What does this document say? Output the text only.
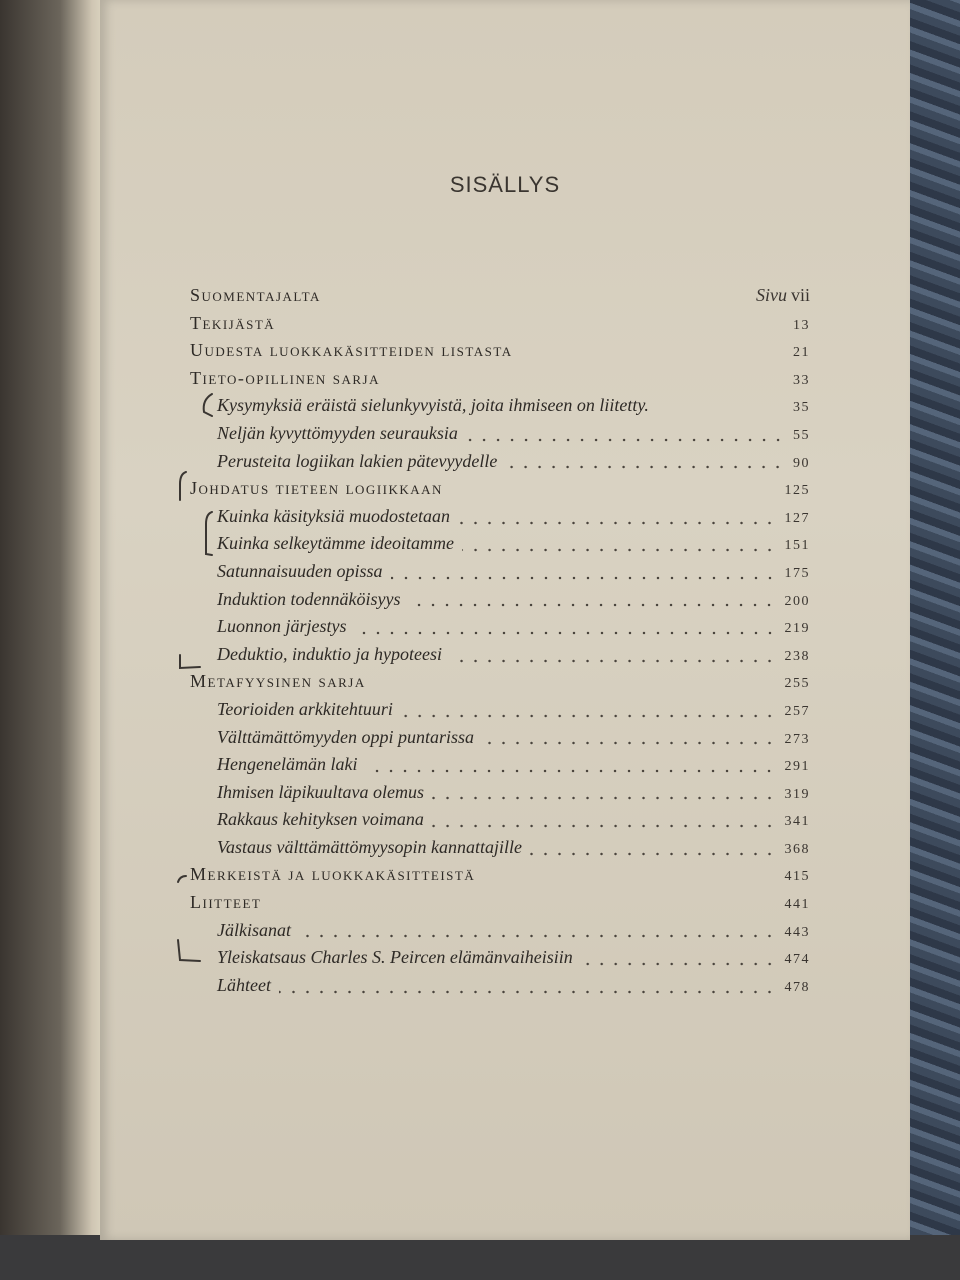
SISÄLLYS
Suomentajalta	Sivu vii
Tekijästä	13
Uudesta luokkakäsitteiden listasta	21
Tieto-opillinen sarja	33
Kysymyksiä eräistä sielunkyvyistä, joita ihmiseen on liitetty.	35
Neljän kyvyttömyyden seurauksia	55
Perusteita logiikan lakien pätevyydelle	90
Johdatus tieteen logiikkaan	125
Kuinka käsityksiä muodostetaan	127
Kuinka selkeytämme ideoitamme	151
Satunnaisuuden opissa	175
Induktion todennäköisyys	200
Luonnon järjestys	219
Deduktio, induktio ja hypoteesi	238
Metafyysinen sarja	255
Teorioiden arkkitehtuuri	257
Välttämättömyyden oppi puntarissa	273
Hengenelämän laki	291
Ihmisen läpikuultava olemus	319
Rakkaus kehityksen voimana	341
Vastaus välttämättömyysopin kannattajille	368
Merkeistä ja luokkakäsitteistä	415
Liitteet	441
Jälkisanat	443
Yleiskatsaus Charles S. Peircen elämänvaiheisiin	474
Lähteet	478
